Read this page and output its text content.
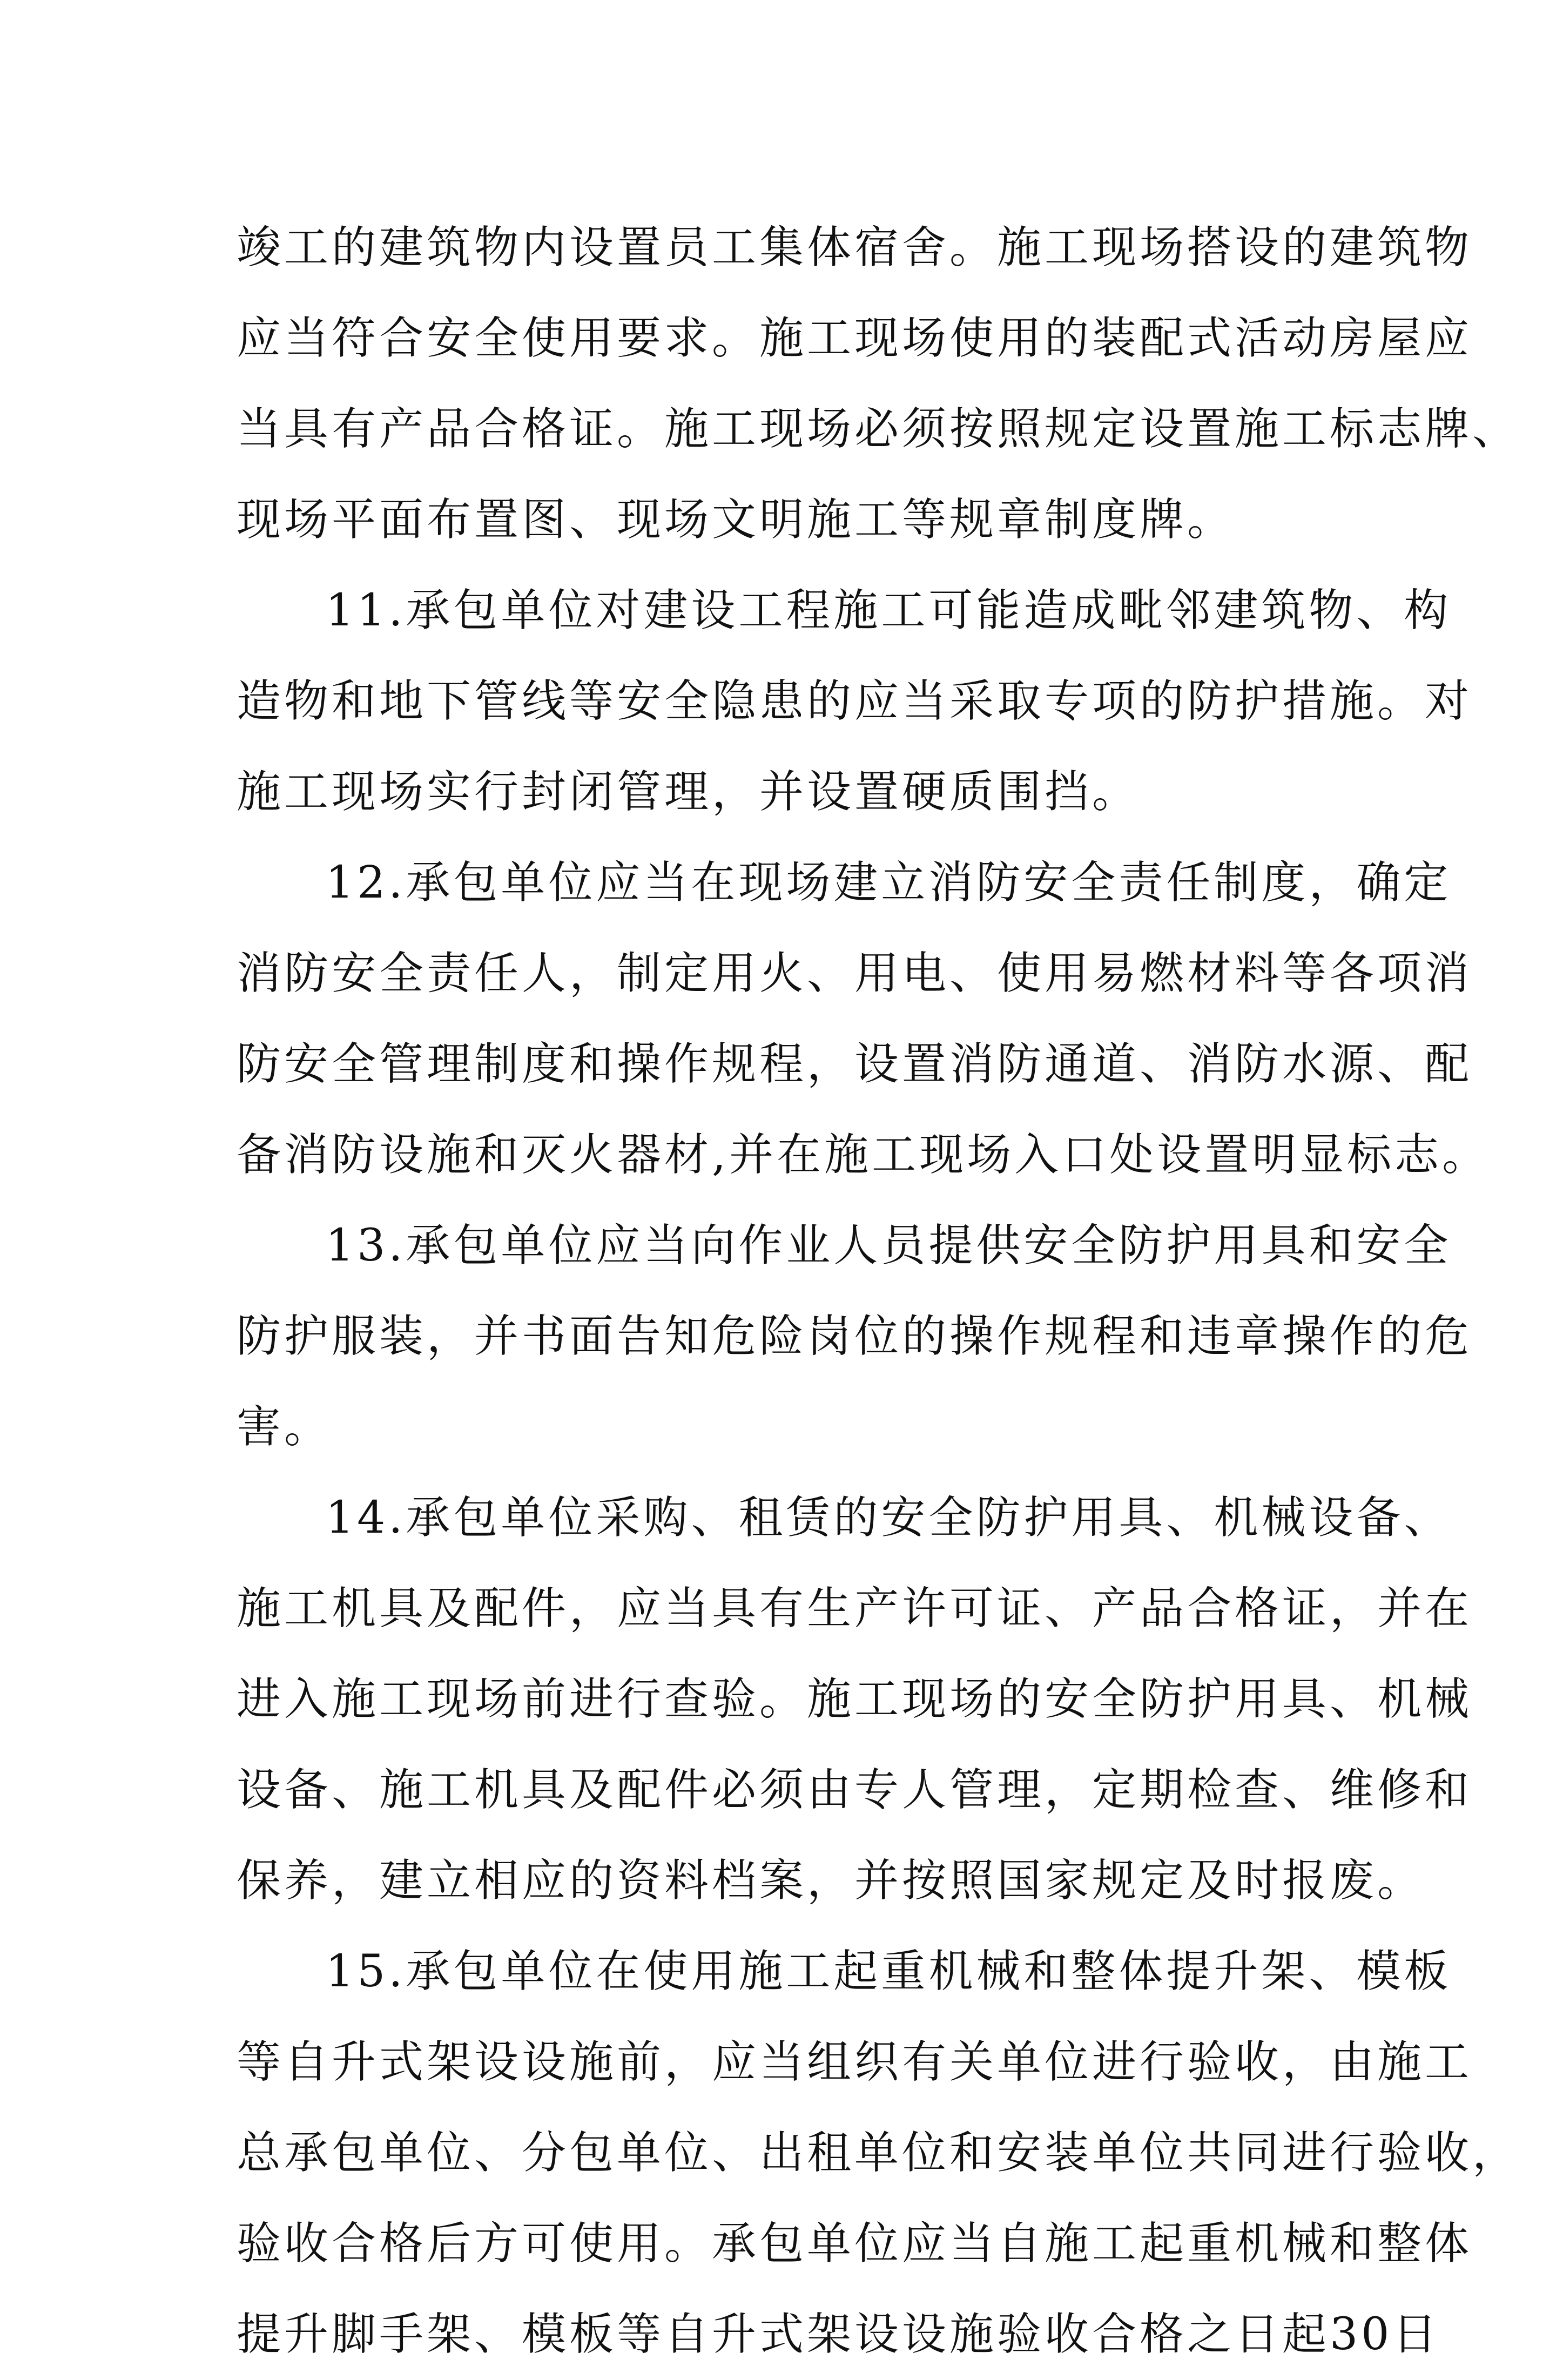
竣工的建筑物内设置员工集体宿舍。施工现场搭设的建筑物
应当符合安全使用要求。施工现场使用的装配式活动房屋应
当具有产品合格证。施工现场必须按照规定设置施工标志牌、
现场平面布置图、现场文明施工等规章制度牌。
11.承包单位对建设工程施工可能造成毗邻建筑物、构
造物和地下管线等安全隐患的应当采取专项的防护措施。对
施工现场实行封闭管理，并设置硬质围挡。
12.承包单位应当在现场建立消防安全责任制度，确定
消防安全责任人，制定用火、用电、使用易燃材料等各项消
防安全管理制度和操作规程，设置消防通道、消防水源、配
备消防设施和灭火器材,并在施工现场入口处设置明显标志。
13.承包单位应当向作业人员提供安全防护用具和安全
防护服装，并书面告知危险岗位的操作规程和违章操作的危
害。
14.承包单位采购、租赁的安全防护用具、机械设备、
施工机具及配件，应当具有生产许可证、产品合格证，并在
进入施工现场前进行查验。施工现场的安全防护用具、机械
设备、施工机具及配件必须由专人管理，定期检查、维修和
保养，建立相应的资料档案，并按照国家规定及时报废。
15.承包单位在使用施工起重机械和整体提升架、模板
等自升式架设设施前，应当组织有关单位进行验收，由施工
总承包单位、分包单位、出租单位和安装单位共同进行验收，
验收合格后方可使用。承包单位应当自施工起重机械和整体
提升脚手架、模板等自升式架设设施验收合格之日起30日
